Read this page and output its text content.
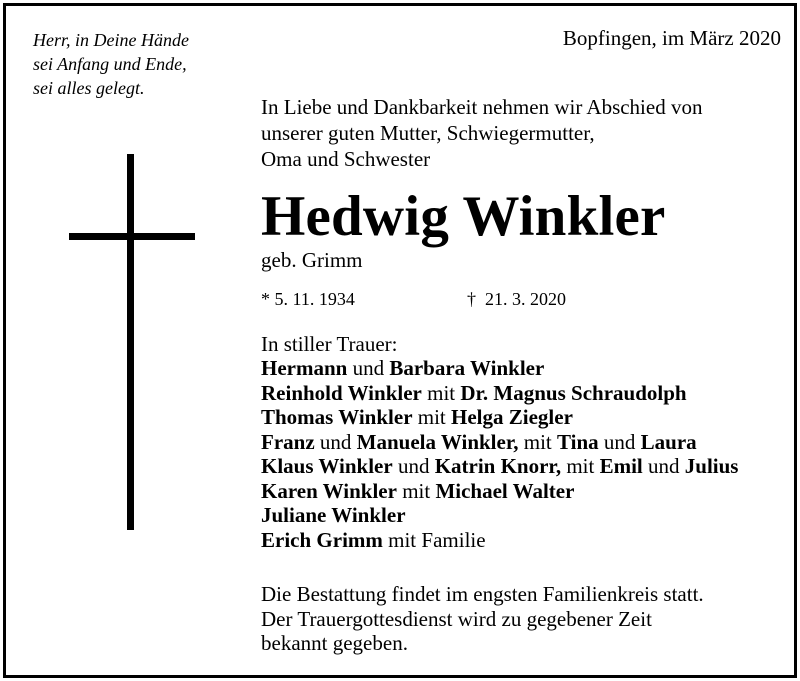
Herr, in Deine Hände
sei Anfang und Ende,
sei alles gelegt.
Bopfingen, im März 2020
In Liebe und Dankbarkeit nehmen wir Abschied von
unserer guten Mutter, Schwiegermutter,
Oma und Schwester
Hedwig Winkler
geb. Grimm
* 5. 11. 1934	† 21. 3. 2020
In stiller Trauer:
Hermann und Barbara Winkler
Reinhold Winkler mit Dr. Magnus Schraudolph
Thomas Winkler mit Helga Ziegler
Franz und Manuela Winkler, mit Tina und Laura
Klaus Winkler und Katrin Knorr, mit Emil und Julius
Karen Winkler mit Michael Walter
Juliane Winkler
Erich Grimm mit Familie
Die Bestattung findet im engsten Familienkreis statt.
Der Trauergottesdienst wird zu gegebener Zeit
bekannt gegeben.
